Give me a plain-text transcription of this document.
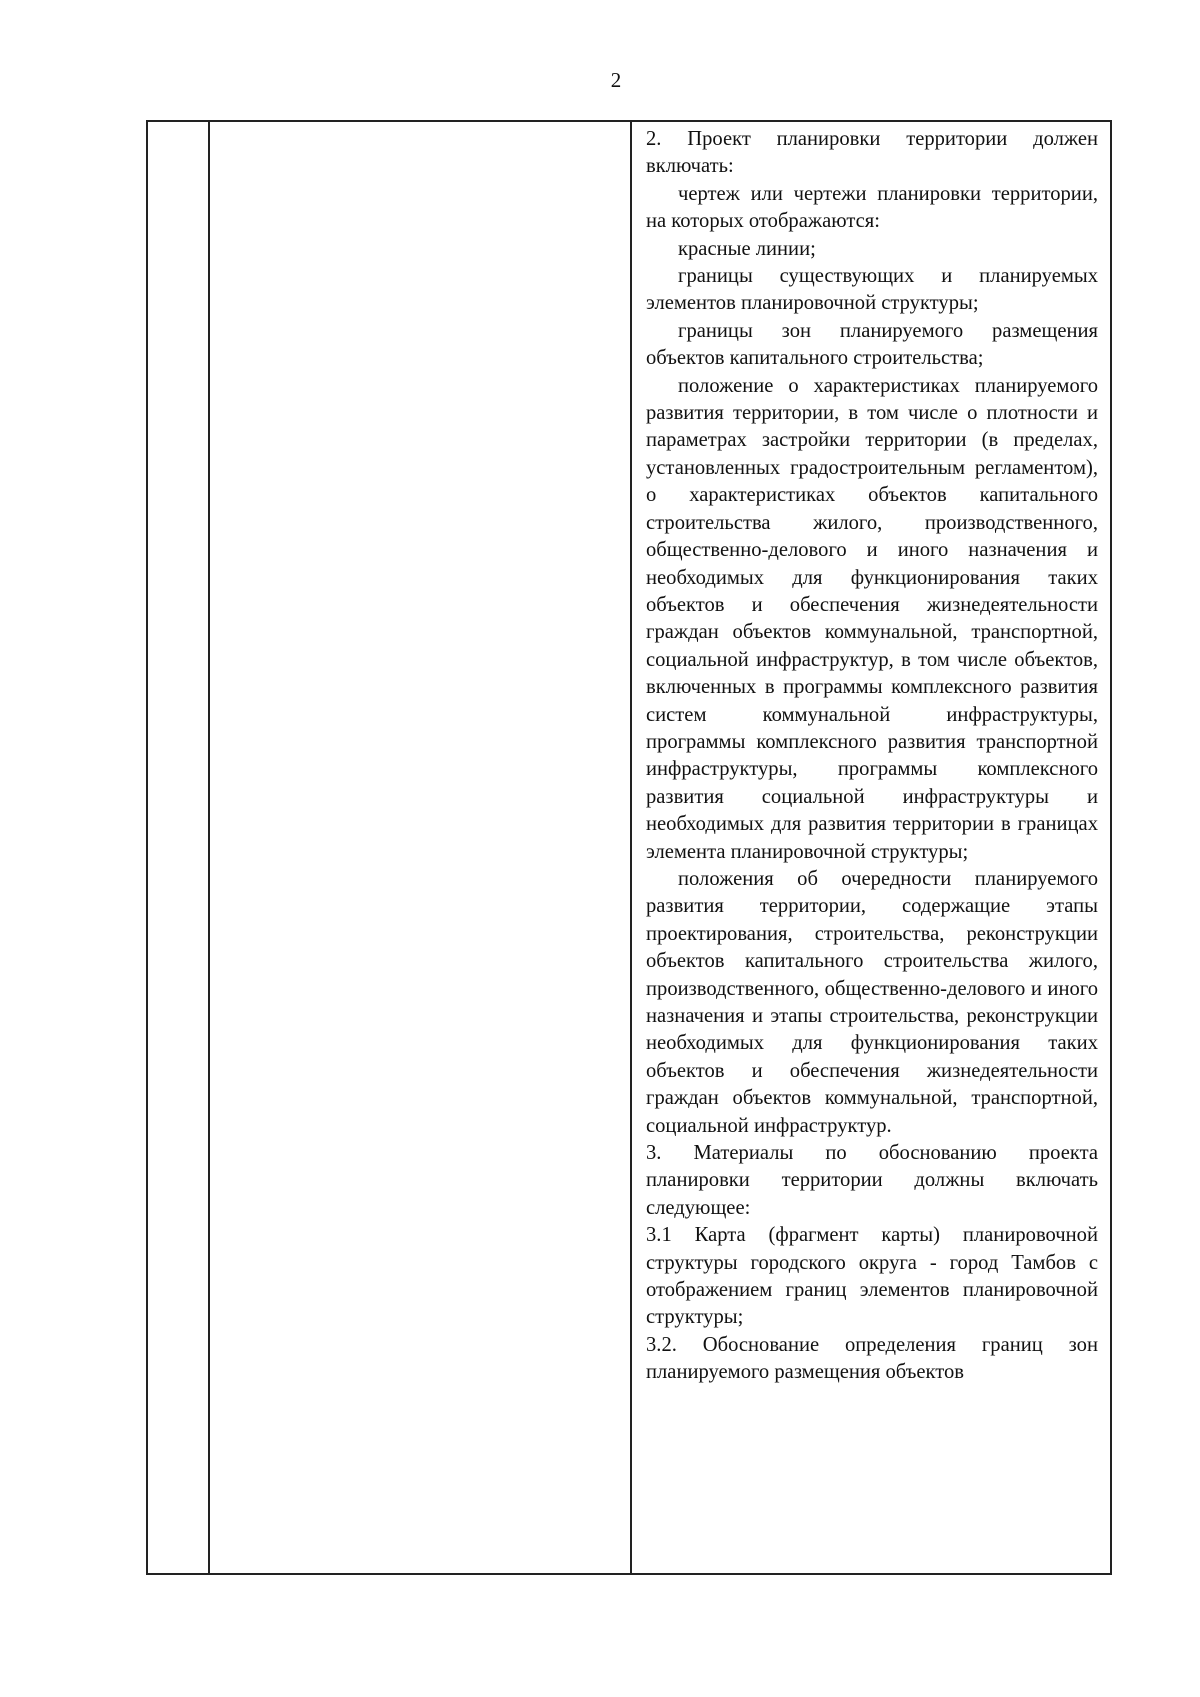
2

2. Проект планировки территории должен включать:

чертеж или чертежи планировки территории, на которых отображаются:

красные линии;

границы существующих и планируемых элементов планировочной структуры;

границы зон планируемого размещения объектов капитального строительства;

положение о характеристиках планируемого развития территории, в том числе о плотности и параметрах застройки территории (в пределах, установленных градостроительным регламентом), о характеристиках объектов капитального строительства жилого, производственного, общественно-делового и иного назначения и необходимых для функционирования таких объектов и обеспечения жизнедеятельности граждан объектов коммунальной, транспортной, социальной инфраструктур, в том числе объектов, включенных в программы комплексного развития систем коммунальной инфраструктуры, программы комплексного развития транспортной инфраструктуры, программы комплексного развития социальной инфраструктуры и необходимых для развития территории в границах элемента планировочной структуры;

положения об очередности планируемого развития территории, содержащие этапы проектирования, строительства, реконструкции объектов капитального строительства жилого, производственного, общественно-делового и иного назначения и этапы строительства, реконструкции необходимых для функционирования таких объектов и обеспечения жизнедеятельности граждан объектов коммунальной, транспортной, социальной инфраструктур.

3. Материалы по обоснованию проекта планировки территории должны включать следующее:

3.1 Карта (фрагмент карты) планировочной структуры городского округа - город Тамбов с отображением границ элементов планировочной структуры;

3.2. Обоснование определения границ зон планируемого размещения объектов
